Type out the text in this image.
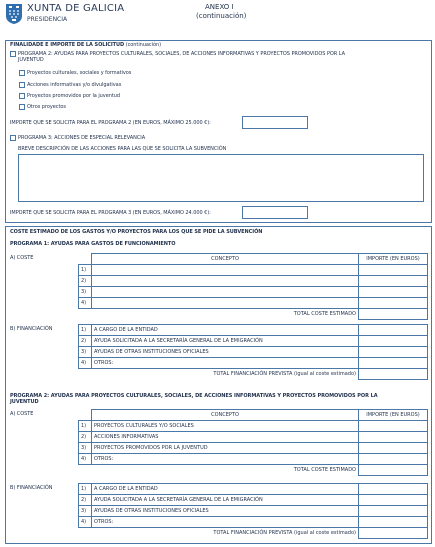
XUNTA DE GALICIA
PRESIDENCIA
ANEXO I
(continuación)
FINALIDADE E IMPORTE DE LA SOLICITUD (continuación)
PROGRAMA 2: AYUDAS PARA PROYECTOS CULTURALES, SOCIALES, DE ACCIONES INFORMATIVAS Y PROYECTOS PROMOVIDOS POR LA
JUVENTUD
Proyectos culturales, sociales y formativos
Acciones informativas y/o divulgativas
Proyectos promovidos por la juventud
Otros proyectos
IMPORTE QUE SE SOLICITA PARA EL PROGRAMA 2 (EN EUROS, MÁXIMO 25.000 €):
PROGRAMA 3: ACCIONES DE ESPECIAL RELEVANCIA
BREVE DESCRIPCIÓN DE LAS ACCIONES PARA LAS QUE SE SOLICITA LA SUBVENCIÓN
IMPORTE QUE SE SOLICITA PARA EL PROGRAMA 3 (EN EUROS, MÁXIMO 24.000 €):
COSTE ESTIMADO DE LOS GASTOS Y/O PROYECTOS PARA LOS QUE SE PIDE LA SUBVENCIÓN
PROGRAMA 1: AYUDAS PARA GASTOS DE FUNCIONAMIENTO
A) COSTE
		CONCEPTO	IMPORTE (EN EUROS)
1)		
2)		
3)		
4)		
	TOTAL COSTE ESTIMADO	
B) FINANCIACIÓN	1)	A CARGO DE LA ENTIDAD	
2)	AYUDA SOLICITADA A LA SECRETARÍA GENERAL DE LA EMIGRACIÓN	
3)	AYUDAS DE OTRAS INSTITUCIONES OFICIALES	
4)	OTROS:	
	TOTAL FINANCIACIÓN PREVISTA (igual al coste estimado)	
PROGRAMA 2: AYUDAS PARA PROYECTOS CULTURALES, SOCIALES, DE ACCIONES INFORMATIVAS Y PROYECTOS PROMOVIDOS POR LA
JUVENTUD
A) COSTE
		CONCEPTO	IMPORTE (EN EUROS)
1)	PROYECTOS CULTURALES Y/O SOCIALES	
2)	ACCIONES INFORMATIVAS	
3)	PROYECTOS PROMOVIDOS POR LA JUVENTUD	
4)	OTROS:	
	TOTAL COSTE ESTIMADO	
B) FINANCIACIÓN	1)	A CARGO DE LA ENTIDAD	
2)	AYUDA SOLICITADA A LA SECRETARÍA GENERAL DE LA EMIGRACIÓN	
3)	AYUDAS DE OTRAS INSTITUCIONES OFICIALES	
4)	OTROS:	
	TOTAL FINANCIACIÓN PREVISTA (igual al coste estimado)	
